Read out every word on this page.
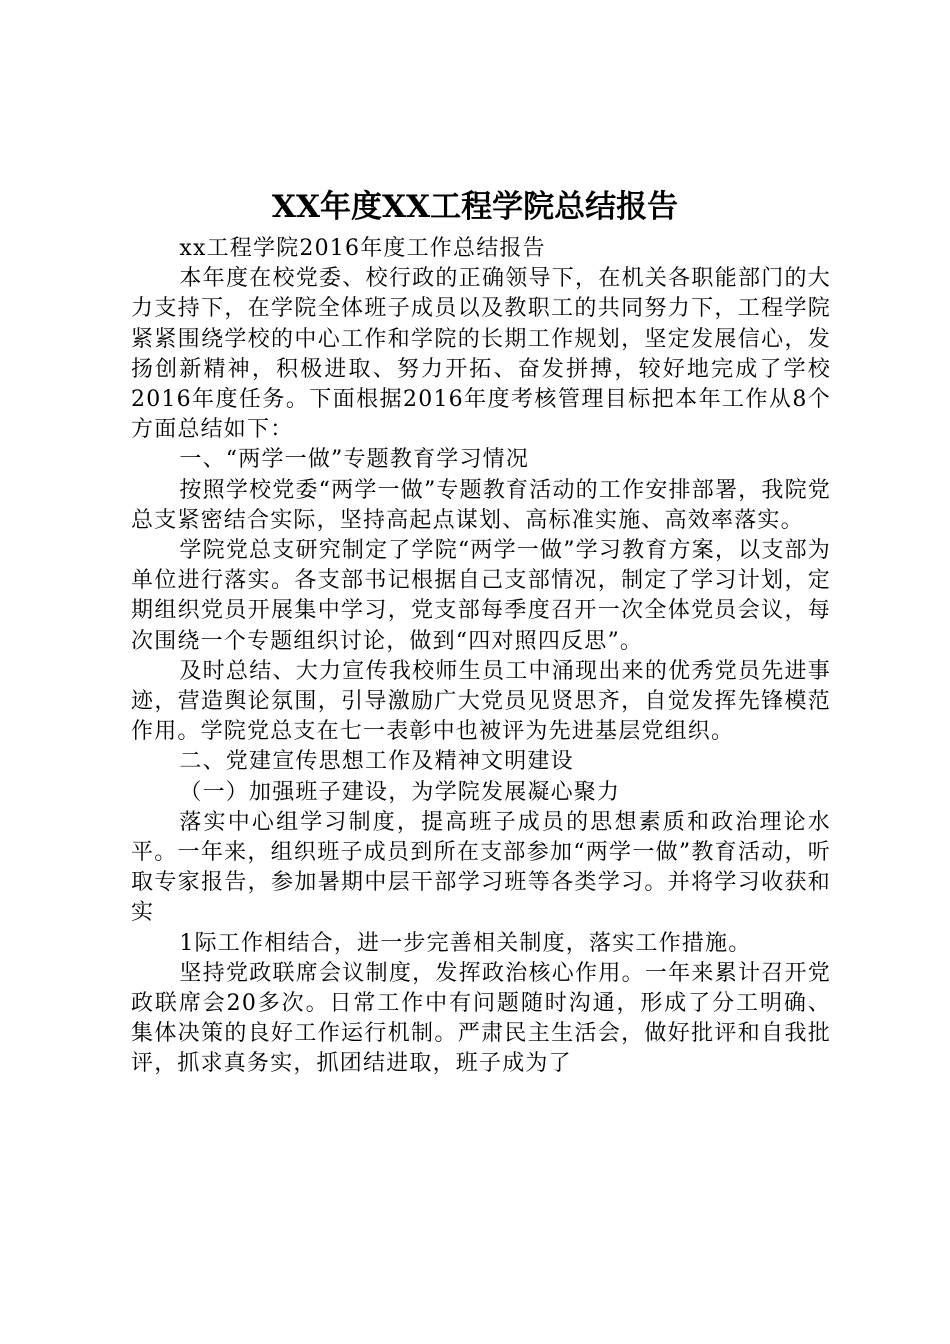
XX年度XX工程学院总结报告

xx工程学院2016年度工作总结报告

本年度在校党委、校行政的正确领导下，在机关各职能部门的大力支持下，在学院全体班子成员以及教职工的共同努力下，工程学院紧紧围绕学校的中心工作和学院的长期工作规划，坚定发展信心，发扬创新精神，积极进取、努力开拓、奋发拼搏，较好地完成了学校2016年度任务。下面根据2016年度考核管理目标把本年工作从8个方面总结如下：

一、“两学一做”专题教育学习情况

按照学校党委“两学一做”专题教育活动的工作安排部署，我院党总支紧密结合实际，坚持高起点谋划、高标准实施、高效率落实。

学院党总支研究制定了学院“两学一做”学习教育方案，以支部为单位进行落实。各支部书记根据自己支部情况，制定了学习计划，定期组织党员开展集中学习，党支部每季度召开一次全体党员会议，每次围绕一个专题组织讨论，做到“四对照四反思”。

及时总结、大力宣传我校师生员工中涌现出来的优秀党员先进事迹，营造舆论氛围，引导激励广大党员见贤思齐，自觉发挥先锋模范作用。学院党总支在七一表彰中也被评为先进基层党组织。

二、党建宣传思想工作及精神文明建设

（一）加强班子建设，为学院发展凝心聚力

落实中心组学习制度，提高班子成员的思想素质和政治理论水平。一年来，组织班子成员到所在支部参加“两学一做”教育活动，听取专家报告，参加暑期中层干部学习班等各类学习。并将学习收获和实

1际工作相结合，进一步完善相关制度，落实工作措施。

坚持党政联席会议制度，发挥政治核心作用。一年来累计召开党政联席会20多次。日常工作中有问题随时沟通，形成了分工明确、集体决策的良好工作运行机制。严肃民主生活会，做好批评和自我批评，抓求真务实，抓团结进取，班子成为了
